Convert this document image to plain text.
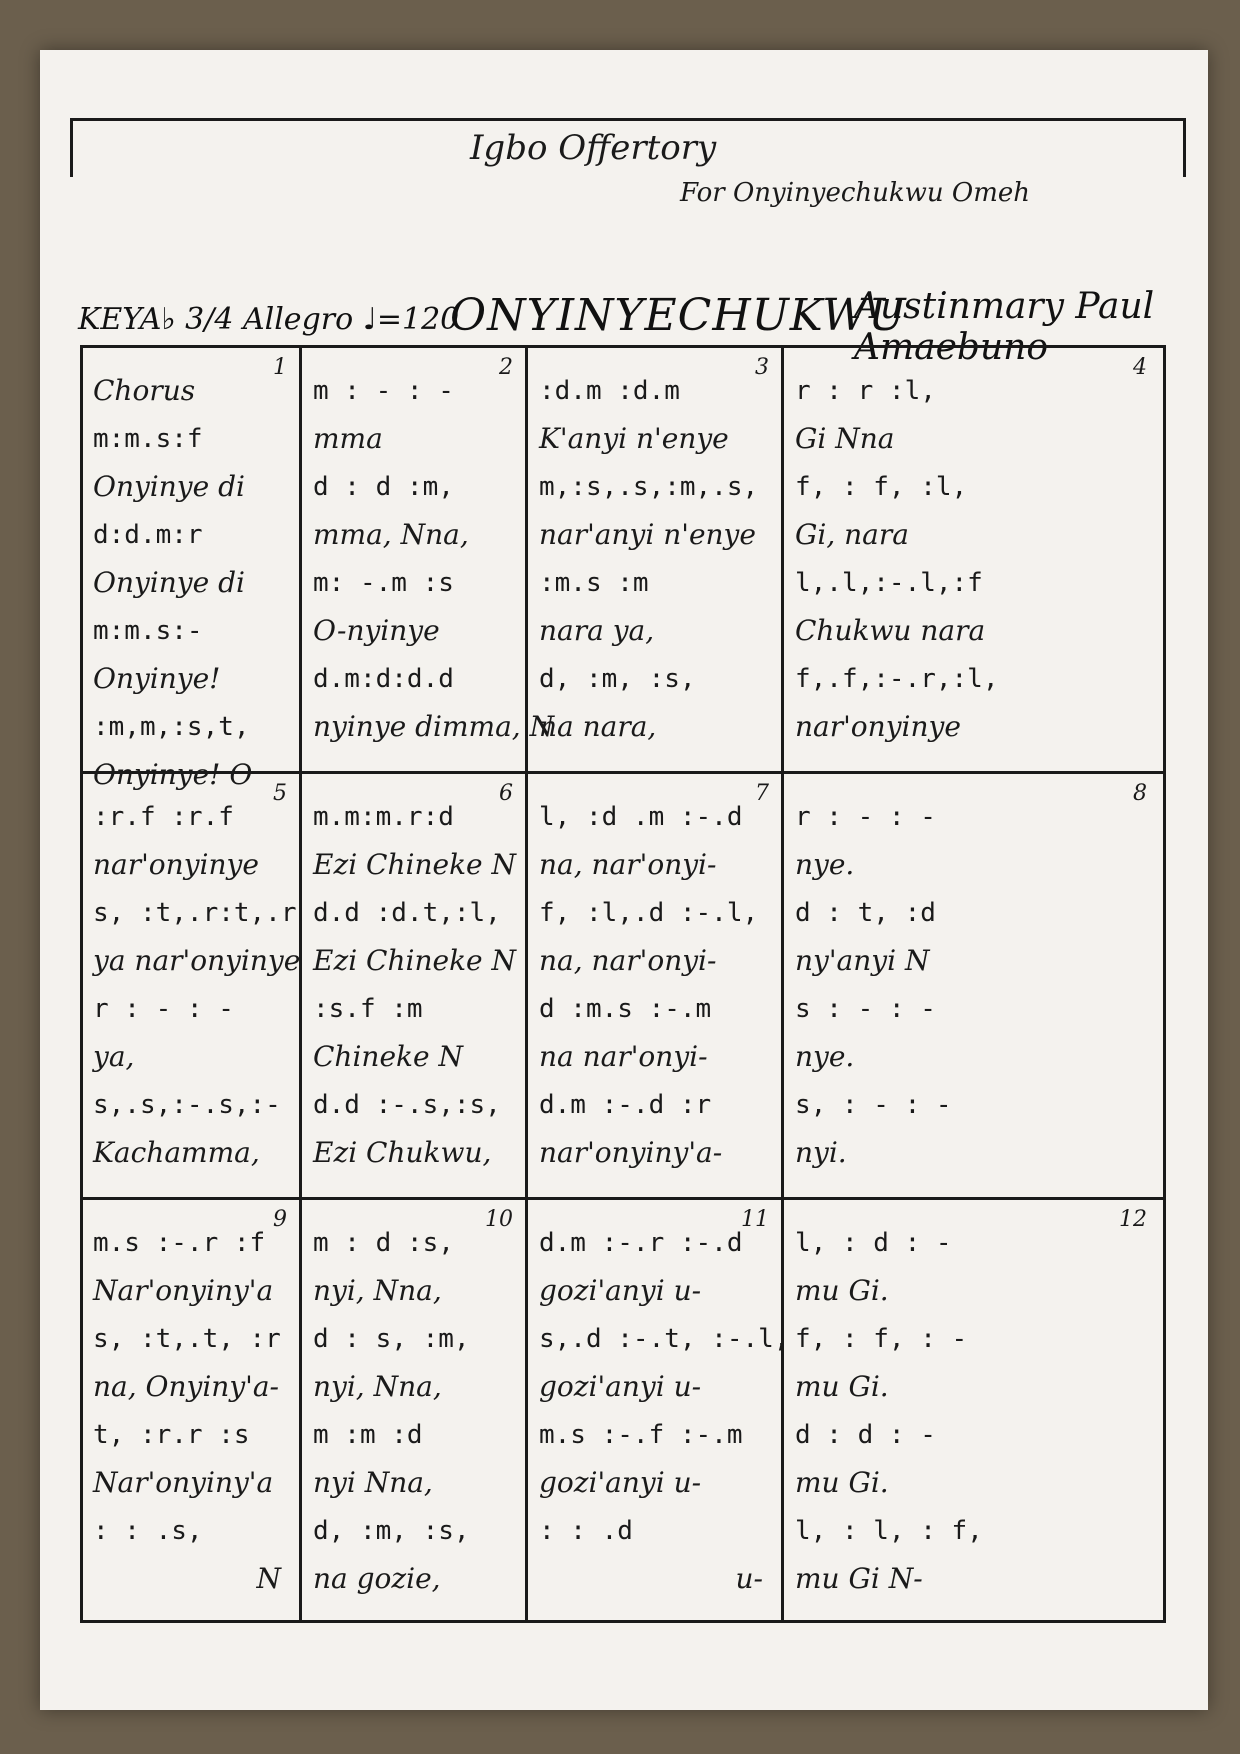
Igbo Offertory
For Onyinyechukwu Omeh
KEYA♭ 3/4 Allegro ♩=120
ONYINYECHUKWU
Austinmary Paul Amaebuno
1
Chorus
m:m.s:f
Onyinye di
d:d.m:r
Onyinye di
m:m.s:-
Onyinye!
:m,m,:s,t,
Onyinye! O
2
m : - : -
mma
d : d :m,
mma, Nna,
m: -.m :s
O-nyinye
d.m:d:d.d
nyinye dimma, N
3
:d.m :d.m
K'anyi n'enye
m,:s,.s,:m,.s,
nar'anyi n'enye
:m.s :m
nara ya,
d, :m, :s,
na nara,
4
r : r :l,
Gi Nna
f, : f, :l,
Gi, nara
l,.l,:-.l,:f
Chukwu nara
f,.f,:-.r,:l,
nar'onyinye
5
:r.f :r.f
nar'onyinye
s, :t,.r:t,.r
ya nar'onyinye
r : - : -
ya,
s,.s,:-.s,:-
Kachamma,
6
m.m:m.r:d
Ezi Chineke N
d.d :d.t,:l,
Ezi Chineke N
:s.f :m
Chineke N
d.d :-.s,:s,
Ezi Chukwu,
7
l, :d .m :-.d
na, nar'onyi-
f, :l,.d :-.l,
na, nar'onyi-
d :m.s :-.m
na nar'onyi-
d.m :-.d :r
nar'onyiny'a-
8
r : - : -
nye.
d : t, :d
ny'anyi N
s : - : -
nye.
s, : - : -
nyi.
9
m.s :-.r :f
Nar'onyiny'a
s, :t,.t, :r
na, Onyiny'a-
t, :r.r :s
Nar'onyiny'a
: : .s,
N
10
m : d :s,
nyi, Nna,
d : s, :m,
nyi, Nna,
m :m :d
nyi Nna,
d, :m, :s,
na gozie,
11
d.m :-.r :-.d
gozi'anyi u-
s,.d :-.t, :-.l,
gozi'anyi u-
m.s :-.f :-.m
gozi'anyi u-
: : .d
u-
12
l, : d : -
mu Gi.
f, : f, : -
mu Gi.
d : d : -
mu Gi.
l, : l, : f,
mu Gi N-
